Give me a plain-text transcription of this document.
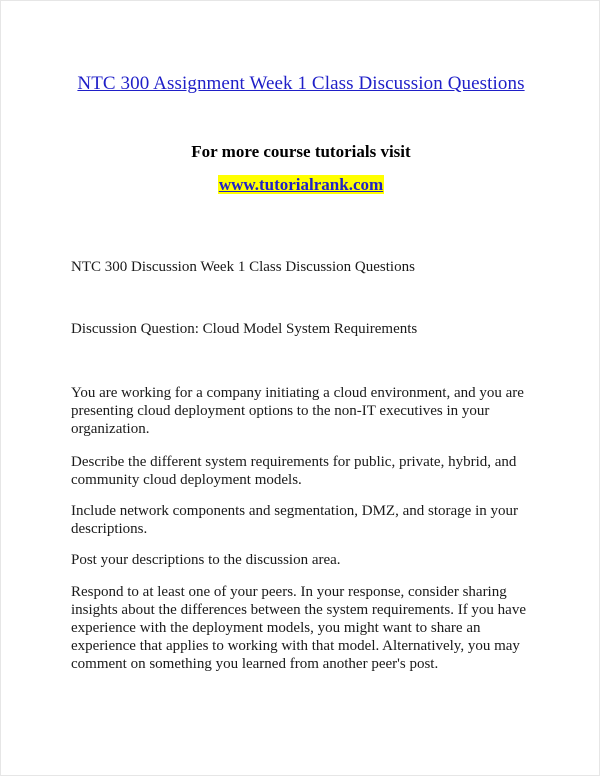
NTC 300 Assignment Week 1 Class Discussion Questions
For more course tutorials visit
www.tutorialrank.com
NTC 300 Discussion Week 1 Class Discussion Questions
Discussion Question: Cloud Model System Requirements

You are working for a company initiating a cloud environment, and you are presenting cloud deployment options to the non-IT executives in your organization.

Describe the different system requirements for public, private, hybrid, and community cloud deployment models.

Include network components and segmentation, DMZ, and storage in your descriptions.

Post your descriptions to the discussion area.

Respond to at least one of your peers. In your response, consider sharing insights about the differences between the system requirements. If you have experience with the deployment models, you might want to share an experience that applies to working with that model. Alternatively, you may comment on something you learned from another peer's post.
